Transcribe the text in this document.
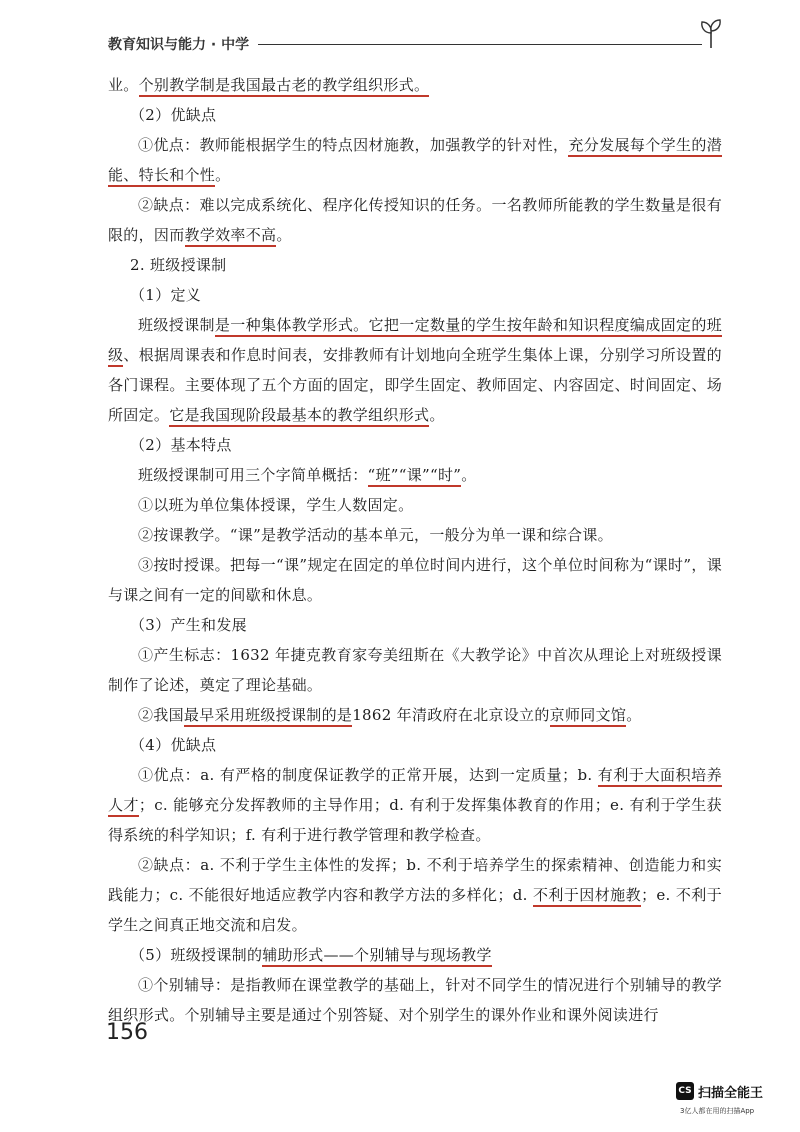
教育知识与能力 · 中学

业。个别教学制是我国最古老的教学组织形式。

（2）优缺点

①优点：教师能根据学生的特点因材施教，加强教学的针对性，充分发展每个学生的潜能、特长和个性。

②缺点：难以完成系统化、程序化传授知识的任务。一名教师所能教的学生数量是很有限的，因而教学效率不高。

2. 班级授课制

（1）定义

班级授课制是一种集体教学形式。它把一定数量的学生按年龄和知识程度编成固定的班级、根据周课表和作息时间表，安排教师有计划地向全班学生集体上课，分别学习所设置的各门课程。主要体现了五个方面的固定，即学生固定、教师固定、内容固定、时间固定、场所固定。它是我国现阶段最基本的教学组织形式。

（2）基本特点

班级授课制可用三个字简单概括：“班”“课”“时”。

①以班为单位集体授课，学生人数固定。

②按课教学。“课”是教学活动的基本单元，一般分为单一课和综合课。

③按时授课。把每一“课”规定在固定的单位时间内进行，这个单位时间称为“课时”，课与课之间有一定的间歇和休息。

（3）产生和发展

①产生标志：1632 年捷克教育家夸美纽斯在《大教学论》中首次从理论上对班级授课制作了论述，奠定了理论基础。

②我国最早采用班级授课制的是1862 年清政府在北京设立的京师同文馆。

（4）优缺点

①优点：a. 有严格的制度保证教学的正常开展，达到一定质量；b. 有利于大面积培养人才；c. 能够充分发挥教师的主导作用；d. 有利于发挥集体教育的作用；e. 有利于学生获得系统的科学知识；f. 有利于进行教学管理和教学检查。

②缺点：a. 不利于学生主体性的发挥；b. 不利于培养学生的探索精神、创造能力和实践能力；c. 不能很好地适应教学内容和教学方法的多样化；d. 不利于因材施教；e. 不利于学生之间真正地交流和启发。

（5）班级授课制的辅助形式——个别辅导与现场教学

①个别辅导：是指教师在课堂教学的基础上，针对不同学生的情况进行个别辅导的教学组织形式。个别辅导主要是通过个别答疑、对个别学生的课外作业和课外阅读进行

156
CS 扫描全能王
3亿人都在用的扫描App
